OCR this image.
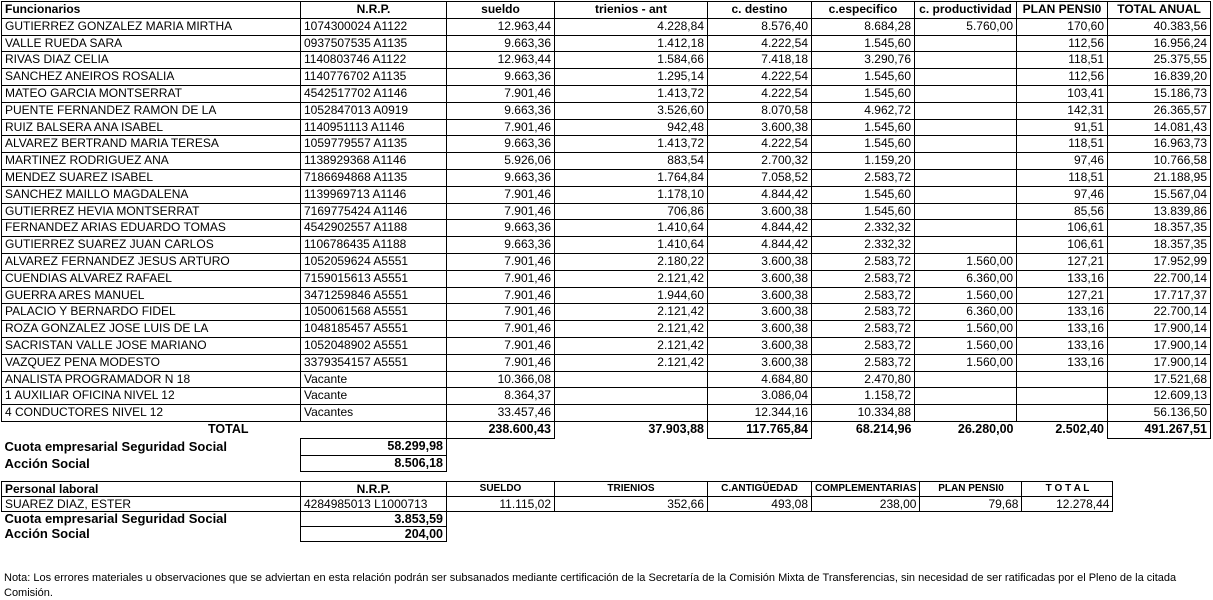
Funcionarios	N.R.P.	sueldo	trienios - ant	c. destino	c.especifico	c. productividad	PLAN PENSI0	TOTAL ANUAL
GUTIERREZ GONZALEZ MARIA MIRTHA	1074300024 A1122	12.963,44	4.228,84	8.576,40	8.684,28	5.760,00	170,60	40.383,56
VALLE RUEDA SARA	0937507535 A1135	9.663,36	1.412,18	4.222,54	1.545,60		112,56	16.956,24
RIVAS DIAZ CELIA	1140803746 A1122	12.963,44	1.584,66	7.418,18	3.290,76		118,51	25.375,55
SANCHEZ ANEIROS ROSALIA	1140776702 A1135	9.663,36	1.295,14	4.222,54	1.545,60		112,56	16.839,20
MATEO GARCIA MONTSERRAT	4542517702 A1146	7.901,46	1.413,72	4.222,54	1.545,60		103,41	15.186,73
PUENTE FERNANDEZ RAMON DE LA	1052847013 A0919	9.663,36	3.526,60	8.070,58	4.962,72		142,31	26.365,57
RUIZ BALSERA ANA ISABEL	1140951113 A1146	7.901,46	942,48	3.600,38	1.545,60		91,51	14.081,43
ALVAREZ BERTRAND MARIA TERESA	1059779557 A1135	9.663,36	1.413,72	4.222,54	1.545,60		118,51	16.963,73
MARTINEZ RODRIGUEZ ANA	1138929368 A1146	5.926,06	883,54	2.700,32	1.159,20		97,46	10.766,58
MENDEZ SUAREZ ISABEL	7186694868 A1135	9.663,36	1.764,84	7.058,52	2.583,72		118,51	21.188,95
SANCHEZ MAILLO MAGDALENA	1139969713 A1146	7.901,46	1.178,10	4.844,42	1.545,60		97,46	15.567,04
GUTIERREZ HEVIA MONTSERRAT	7169775424 A1146	7.901,46	706,86	3.600,38	1.545,60		85,56	13.839,86
FERNANDEZ ARIAS EDUARDO TOMAS	4542902557 A1188	9.663,36	1.410,64	4.844,42	2.332,32		106,61	18.357,35
GUTIERREZ SUAREZ JUAN CARLOS	1106786435 A1188	9.663,36	1.410,64	4.844,42	2.332,32		106,61	18.357,35
ALVAREZ FERNANDEZ JESUS ARTURO	1052059624 A5551	7.901,46	2.180,22	3.600,38	2.583,72	1.560,00	127,21	17.952,99
CUENDIAS ALVAREZ RAFAEL	7159015613 A5551	7.901,46	2.121,42	3.600,38	2.583,72	6.360,00	133,16	22.700,14
GUERRA ARES MANUEL	3471259846 A5551	7.901,46	1.944,60	3.600,38	2.583,72	1.560,00	127,21	17.717,37
PALACIO Y BERNARDO FIDEL	1050061568 A5551	7.901,46	2.121,42	3.600,38	2.583,72	6.360,00	133,16	22.700,14
ROZA GONZALEZ JOSE LUIS DE LA	1048185457 A5551	7.901,46	2.121,42	3.600,38	2.583,72	1.560,00	133,16	17.900,14
SACRISTAN VALLE JOSE MARIANO	1052048902 A5551	7.901,46	2.121,42	3.600,38	2.583,72	1.560,00	133,16	17.900,14
VAZQUEZ PENA MODESTO	3379354157 A5551	7.901,46	2.121,42	3.600,38	2.583,72	1.560,00	133,16	17.900,14
ANALISTA PROGRAMADOR N 18	Vacante	10.366,08		4.684,80	2.470,80			17.521,68
1 AUXILIAR OFICINA NIVEL 12	Vacante	8.364,37		3.086,04	1.158,72			12.609,13
4 CONDUCTORES NIVEL 12	Vacantes	33.457,46		12.344,16	10.334,88			56.136,50
TOTAL		238.600,43	37.903,88	117.765,84	68.214,96	26.280,00	2.502,40	491.267,51
Cuota empresarial Seguridad Social	58.299,98							
Acción Social	8.506,18							
Personal laboral	N.R.P.	SUELDO	TRIENIOS	C.ANTIGÜEDAD	COMPLEMENTARIAS	PLAN PENSI0	T O T A L
SUAREZ DIAZ, ESTER	4284985013 L1000713	11.115,02	352,66	493,08	238,00	79,68	12.278,44
Cuota empresarial Seguridad Social	3.853,59						
Acción Social	204,00						
Nota: Los errores materiales u observaciones que se adviertan en esta relación podrán ser subsanados mediante certificación de la Secretaría de la Comisión Mixta de Transferencias, sin necesidad de ser ratificadas por el Pleno de la citada Comisión.
